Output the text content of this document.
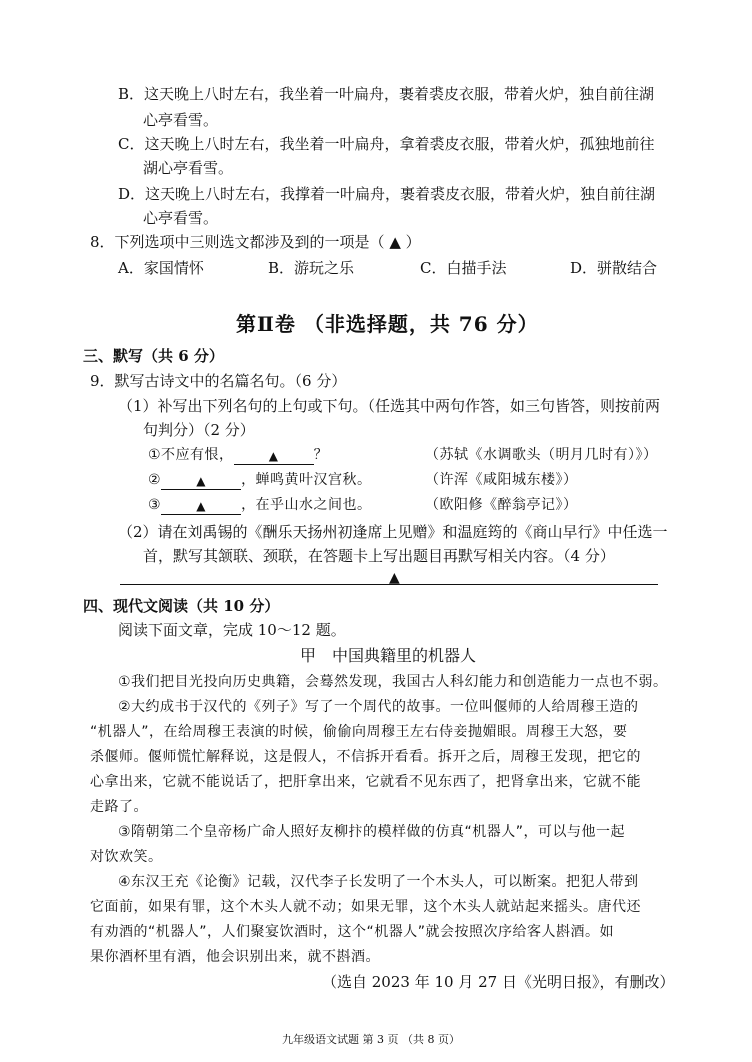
B．这天晚上八时左右，我坐着一叶扁舟，裹着裘皮衣服，带着火炉，独自前往湖
心亭看雪。
C．这天晚上八时左右，我坐着一叶扁舟，拿着裘皮衣服，带着火炉，孤独地前往
湖心亭看雪。
D．这天晚上八时左右，我撑着一叶扁舟，裹着裘皮衣服，带着火炉，独自前往湖
心亭看雪。
8．下列选项中三则选文都涉及到的一项是（ ▲ ）
A．家国情怀	B．游玩之乐	C．白描手法	D．骈散结合
第Ⅱ卷 （非选择题，共 76 分）
三、默写（共 6 分）
9．默写古诗文中的名篇名句。（6 分）
（1）补写出下列名句的上句或下句。（任选其中两句作答，如三句皆答，则按前两
句判分）（2 分）
①不应有恨，	▲	？	（苏轼《水调歌头（明月几时有）》）
②	▲	，蝉鸣黄叶汉宫秋。	（许浑《咸阳城东楼》）
③	▲	，在乎山水之间也。	（欧阳修《醉翁亭记》）
（2）请在刘禹锡的《酬乐天扬州初逢席上见赠》和温庭筠的《商山早行》中任选一
首，默写其颔联、颈联，在答题卡上写出题目再默写相关内容。（4 分）
▲
四、现代文阅读（共 10 分）
阅读下面文章，完成 10～12 题。
甲　中国典籍里的机器人
①我们把目光投向历史典籍，会蓦然发现，我国古人科幻能力和创造能力一点也不弱。
②大约成书于汉代的《列子》写了一个周代的故事。一位叫偃师的人给周穆王造的
“机器人”，在给周穆王表演的时候，偷偷向周穆王左右侍妾抛媚眼。周穆王大怒，要
杀偃师。偃师慌忙解释说，这是假人，不信拆开看看。拆开之后，周穆王发现，把它的
心拿出来，它就不能说话了，把肝拿出来，它就看不见东西了，把肾拿出来，它就不能
走路了。
③隋朝第二个皇帝杨广命人照好友柳抃的模样做的仿真“机器人”，可以与他一起
对饮欢笑。
④东汉王充《论衡》记载，汉代李子长发明了一个木头人，可以断案。把犯人带到
它面前，如果有罪，这个木头人就不动；如果无罪，这个木头人就站起来摇头。唐代还
有劝酒的“机器人”，人们聚宴饮酒时，这个“机器人”就会按照次序给客人斟酒。如
果你酒杯里有酒，他会识别出来，就不斟酒。
（选自 2023 年 10 月 27 日《光明日报》，有删改）
九年级语文试题 第 3 页 （共 8 页）
